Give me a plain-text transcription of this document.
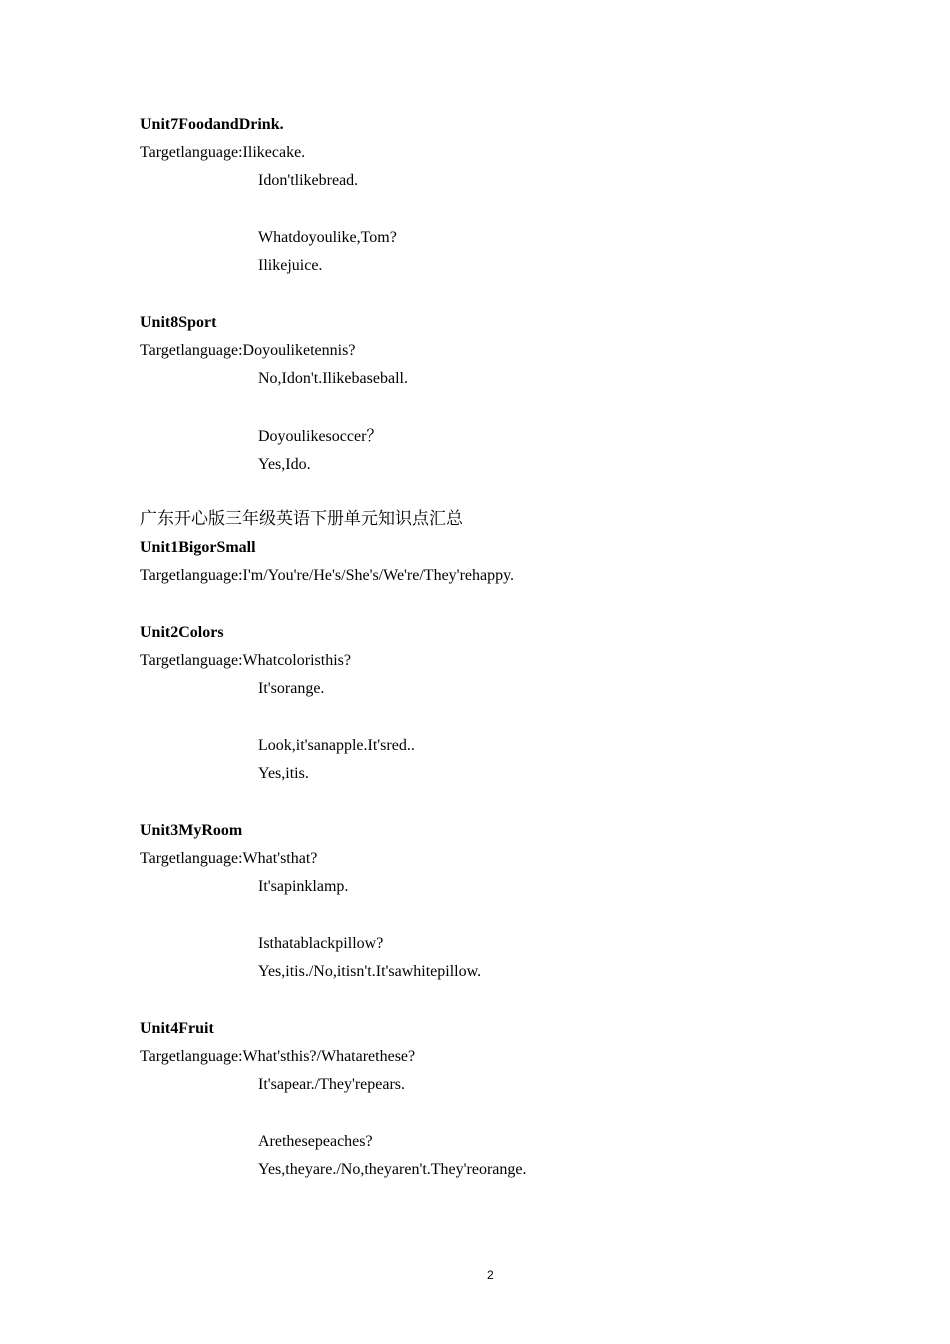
Unit7FoodandDrink.
Targetlanguage:Ilikecake.
Idon'tlikebread.
Whatdoyoulike,Tom?
Ilikejuice.
Unit8Sport
Targetlanguage:Doyouliketennis?
No,Idon't.Ilikebaseball.
Doyoulikesoccer？
Yes,Ido.
广东开心版三年级英语下册单元知识点汇总
Unit1BigorSmall
Targetlanguage:I'm/You're/He's/She's/We're/They'rehappy.
Unit2Colors
Targetlanguage:Whatcoloristhis?
It'sorange.
Look,it'sanapple.It'sred..
Yes,itis.
Unit3MyRoom
Targetlanguage:What'sthat?
It'sapinklamp.
Isthatablackpillow?
Yes,itis./No,itisn't.It'sawhitepillow.
Unit4Fruit
Targetlanguage:What'sthis?/Whatarethese?
It'sapear./They'repears.
Arethesepeaches?
Yes,theyare./No,theyaren't.They'reorange.
2
